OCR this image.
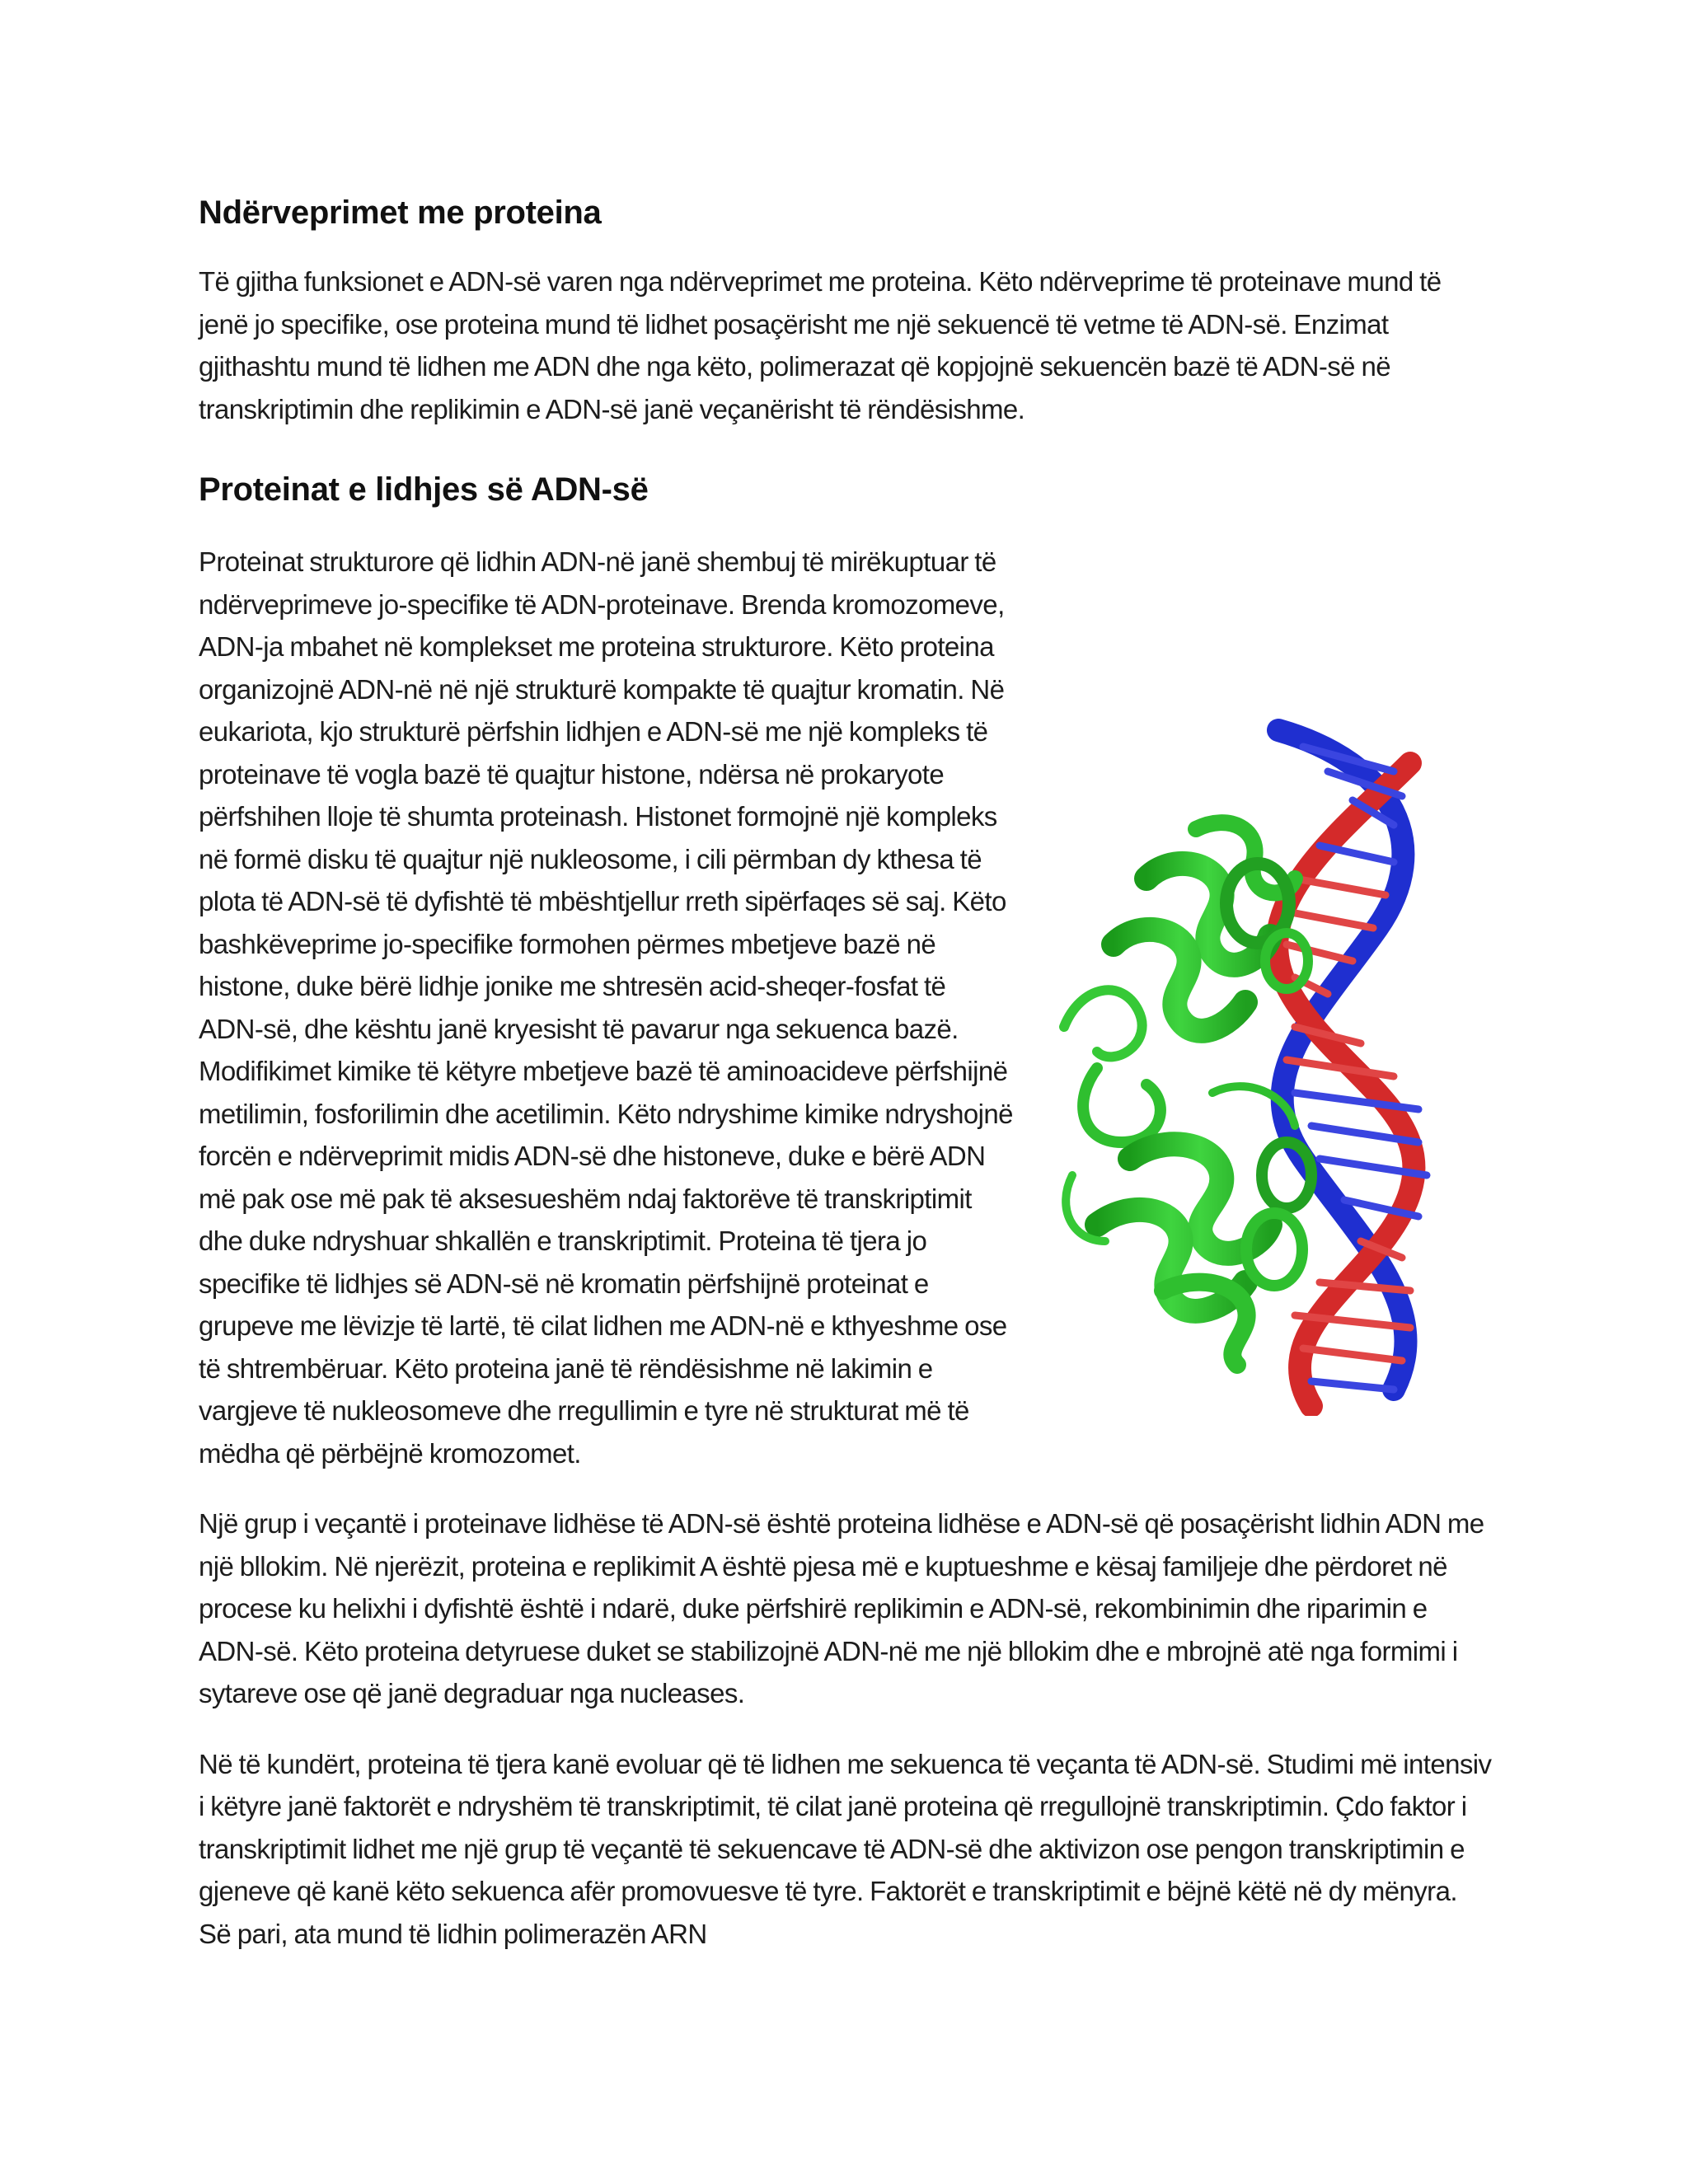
Ndërveprimet me proteina

Të gjitha funksionet e ADN-së varen nga ndërveprimet me proteina. Këto ndërveprime të proteinave mund të jenë jo specifike, ose proteina mund të lidhet posaçërisht me një sekuencë të vetme të ADN-së. Enzimat gjithashtu mund të lidhen me ADN dhe nga këto, polimerazat që kopjojnë sekuencën bazë të ADN-së në transkriptimin dhe replikimin e ADN-së janë veçanërisht të rëndësishme.

Proteinat e lidhjes së ADN-së

Proteinat strukturore që lidhin ADN-në janë shembuj të mirëkuptuar të ndërveprimeve jo-specifike të ADN-proteinave. Brenda kromozomeve, ADN-ja mbahet në komplekset me proteina strukturore. Këto proteina organizojnë ADN-në në një strukturë kompakte të quajtur kromatin. Në eukariota, kjo strukturë përfshin lidhjen e ADN-së me një kompleks të proteinave të vogla bazë të quajtur histone, ndërsa në prokaryote përfshihen lloje të shumta proteinash. Histonet formojnë një kompleks në formë disku të quajtur një nukleosome, i cili përmban dy kthesa të plota të ADN-së të dyfishtë të mbështjellur rreth sipërfaqes së saj. Këto bashkëveprime jo-specifike formohen përmes mbetjeve bazë në histone, duke bërë lidhje jonike me shtresën acid-sheqer-fosfat të ADN-së, dhe kështu janë kryesisht të pavarur nga sekuenca bazë. Modifikimet kimike të këtyre mbetjeve bazë të aminoacideve përfshijnë metilimin, fosforilimin dhe acetilimin. Këto ndryshime kimike ndryshojnë forcën e ndërveprimit midis ADN-së dhe histoneve, duke e bërë ADN më pak ose më pak të aksesueshëm ndaj faktorëve të transkriptimit dhe duke ndryshuar shkallën e transkriptimit. Proteina të tjera jo specifike të lidhjes së ADN-së në kromatin përfshijnë proteinat e grupeve me lëvizje të lartë, të cilat lidhen me ADN-në e kthyeshme ose të shtrembëruar. Këto proteina janë të rëndësishme në lakimin e vargjeve të nukleosomeve dhe rregullimin e tyre në strukturat më të mëdha që përbëjnë kromozomet.

Një grup i veçantë i proteinave lidhëse të ADN-së është proteina lidhëse e ADN-së që posaçërisht lidhin ADN me një bllokim. Në njerëzit, proteina e replikimit A është pjesa më e kuptueshme e kësaj familjeje dhe përdoret në procese ku helixhi i dyfishtë është i ndarë, duke përfshirë replikimin e ADN-së, rekombinimin dhe riparimin e ADN-së. Këto proteina detyruese duket se stabilizojnë ADN-në me një bllokim dhe e mbrojnë atë nga formimi i sytareve ose që janë degraduar nga nucleases.

Në të kundërt, proteina të tjera kanë evoluar që të lidhen me sekuenca të veçanta të ADN-së. Studimi më intensiv i këtyre janë faktorët e ndryshëm të transkriptimit, të cilat janë proteina që rregullojnë transkriptimin. Çdo faktor i transkriptimit lidhet me një grup të veçantë të sekuencave të ADN-së dhe aktivizon ose pengon transkriptimin e gjeneve që kanë këto sekuenca afër promovuesve të tyre. Faktorët e transkriptimit e bëjnë këtë në dy mënyra. Së pari, ata mund të lidhin polimerazën ARN
